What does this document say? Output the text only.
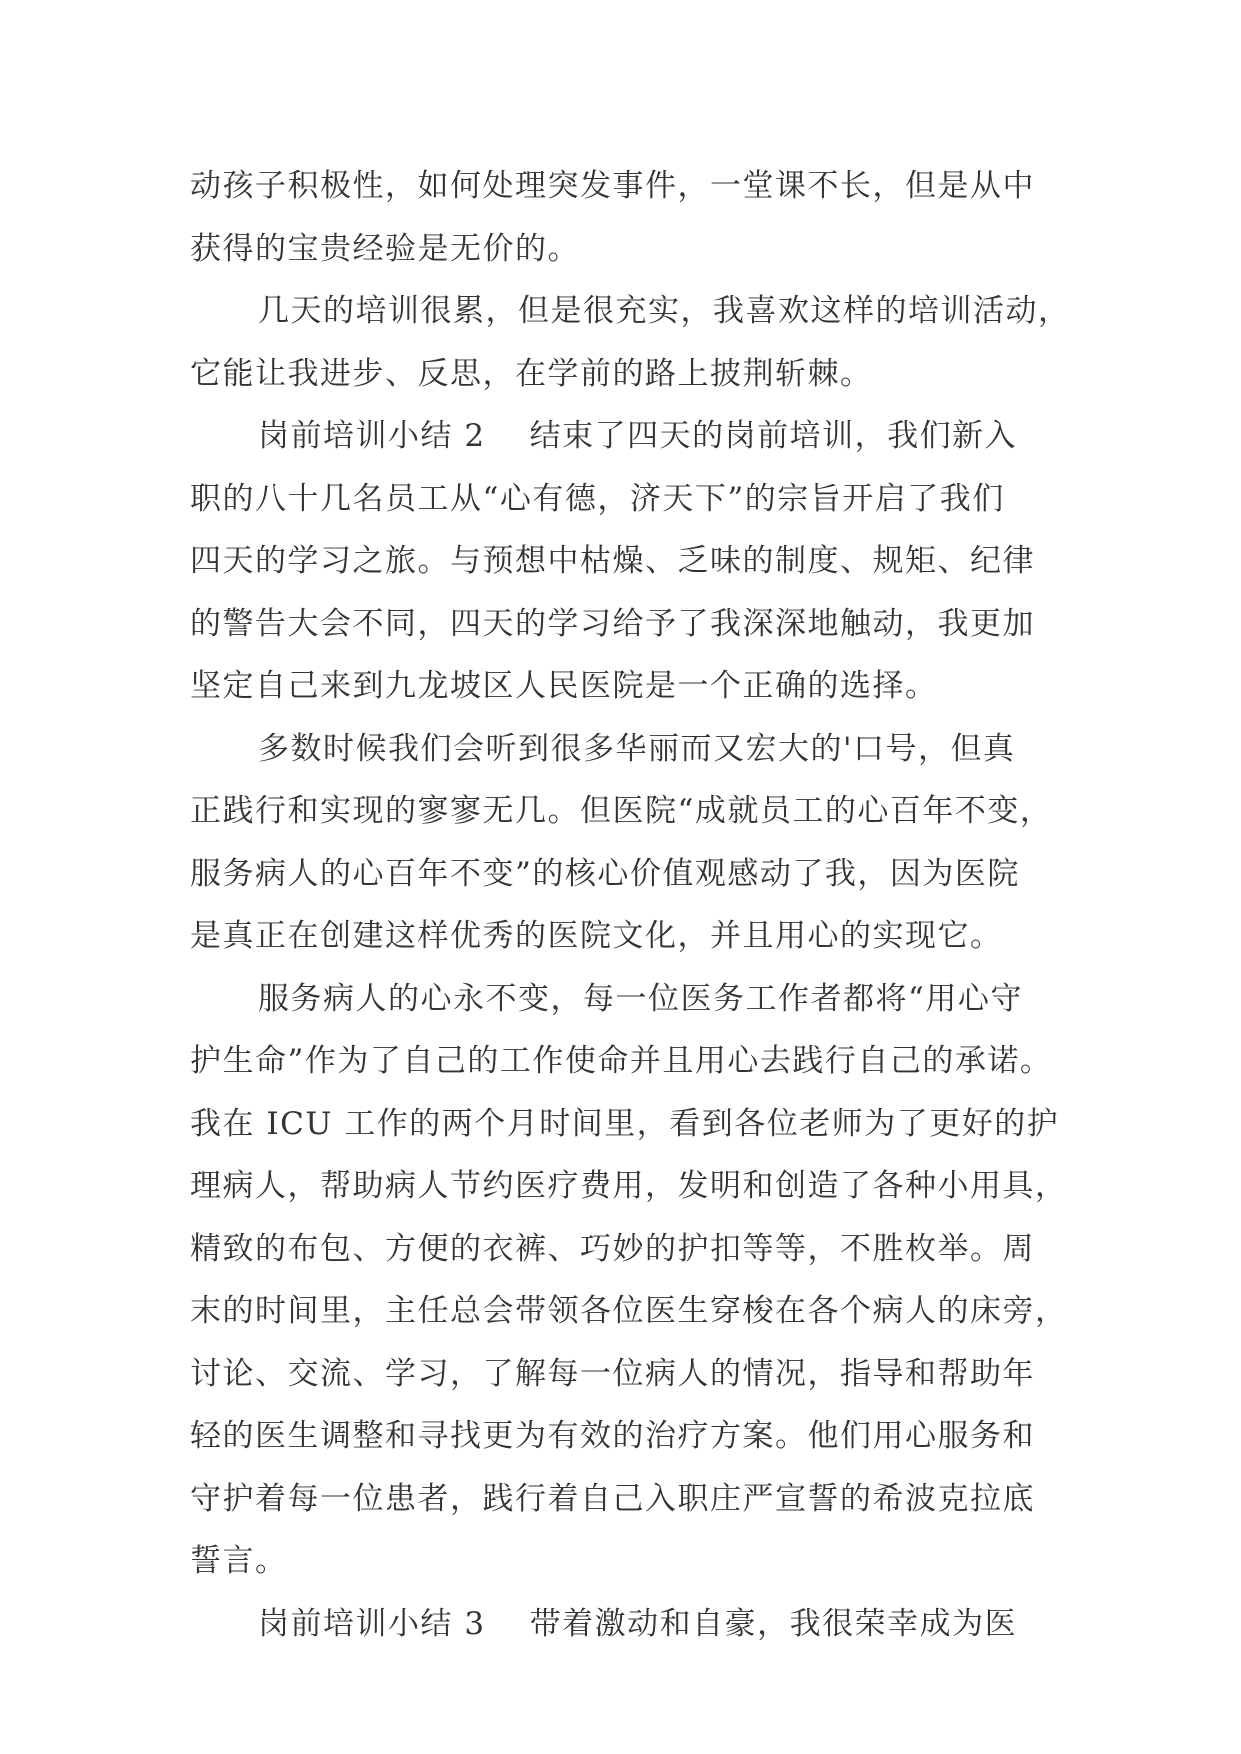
动孩子积极性，如何处理突发事件，一堂课不长，但是从中
获得的宝贵经验是无价的。
几天的培训很累，但是很充实，我喜欢这样的培训活动，
它能让我进步、反思，在学前的路上披荆斩棘。
岗前培训小结 2 结束了四天的岗前培训，我们新入
职的八十几名员工从“心有德，济天下”的宗旨开启了我们
四天的学习之旅。与预想中枯燥、乏味的制度、规矩、纪律
的警告大会不同，四天的学习给予了我深深地触动，我更加
坚定自己来到九龙坡区人民医院是一个正确的选择。
多数时候我们会听到很多华丽而又宏大的'口号，但真
正践行和实现的寥寥无几。但医院“成就员工的心百年不变，
服务病人的心百年不变”的核心价值观感动了我，因为医院
是真正在创建这样优秀的医院文化，并且用心的实现它。
服务病人的心永不变，每一位医务工作者都将“用心守
护生命”作为了自己的工作使命并且用心去践行自己的承诺。
我在 ICU 工作的两个月时间里，看到各位老师为了更好的护
理病人，帮助病人节约医疗费用，发明和创造了各种小用具，
精致的布包、方便的衣裤、巧妙的护扣等等，不胜枚举。周
末的时间里，主任总会带领各位医生穿梭在各个病人的床旁，
讨论、交流、学习，了解每一位病人的情况，指导和帮助年
轻的医生调整和寻找更为有效的治疗方案。他们用心服务和
守护着每一位患者，践行着自己入职庄严宣誓的希波克拉底
誓言。
岗前培训小结 3 带着激动和自豪，我很荣幸成为医
